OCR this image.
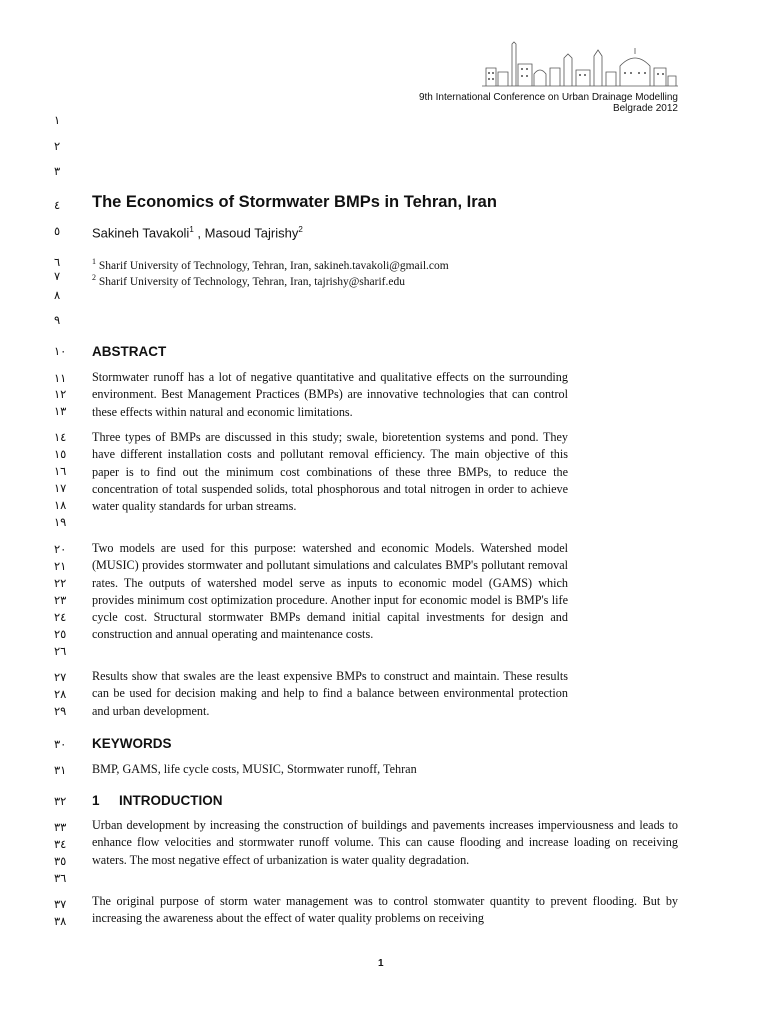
9th International Conference on Urban Drainage Modelling
Belgrade 2012
١
٢
٣
٤
٥
٦
٧
٨
٩
١٠
١١
١٢
١٣
١٤
١٥
١٦
١٧
١٨
١٩
٢٠
٢١
٢٢
٢٣
٢٤
٢٥
٢٦
٢٧
٢٨
٢٩
٣٠
٣١
٣٢
٣٣
٣٤
٣٥
٣٦
٣٧
٣٨
The Economics of Stormwater BMPs in Tehran, Iran
Sakineh Tavakoli$^1$ , Masoud Tajrishy$^2$
$^1$ Sharif University of Technology, Tehran, Iran, sakineh.tavakoli@gmail.com
$^2$ Sharif University of Technology, Tehran, Iran, tajrishy@sharif.edu
ABSTRACT
Stormwater runoff has a lot of negative quantitative and qualitative effects on the surrounding environment. Best Management Practices (BMPs) are innovative technologies that can control these effects within natural and economic limitations.
Three types of BMPs are discussed in this study; swale, bioretention systems and pond. They have different installation costs and pollutant removal efficiency. The main objective of this paper is to find out the minimum cost combinations of these three BMPs, to reduce the concentration of total suspended solids, total phosphorous and total nitrogen in order to achieve water quality standards for urban streams.
Two models are used for this purpose: watershed and economic Models. Watershed model (MUSIC) provides stormwater and pollutant simulations and calculates BMP's pollutant removal rates. The outputs of watershed model serve as inputs to economic model (GAMS) which provides minimum cost optimization procedure. Another input for economic model is BMP's life cycle cost. Structural stormwater BMPs demand initial capital investments for design and construction and annual operating and maintenance costs.
Results show that swales are the least expensive BMPs to construct and maintain. These results can be used for decision making and help to find a balance between environmental protection and urban development.
KEYWORDS
BMP, GAMS, life cycle costs, MUSIC, Stormwater runoff, Tehran
1 INTRODUCTION
Urban development by increasing the construction of buildings and pavements increases imperviousness and leads to enhance flow velocities and stormwater runoff volume. This can cause flooding and increase loading on receiving waters. The most negative effect of urbanization is water quality degradation.
The original purpose of storm water management was to control stomwater quantity to prevent flooding. But by increasing the awareness about the effect of water quality problems on receiving
1
